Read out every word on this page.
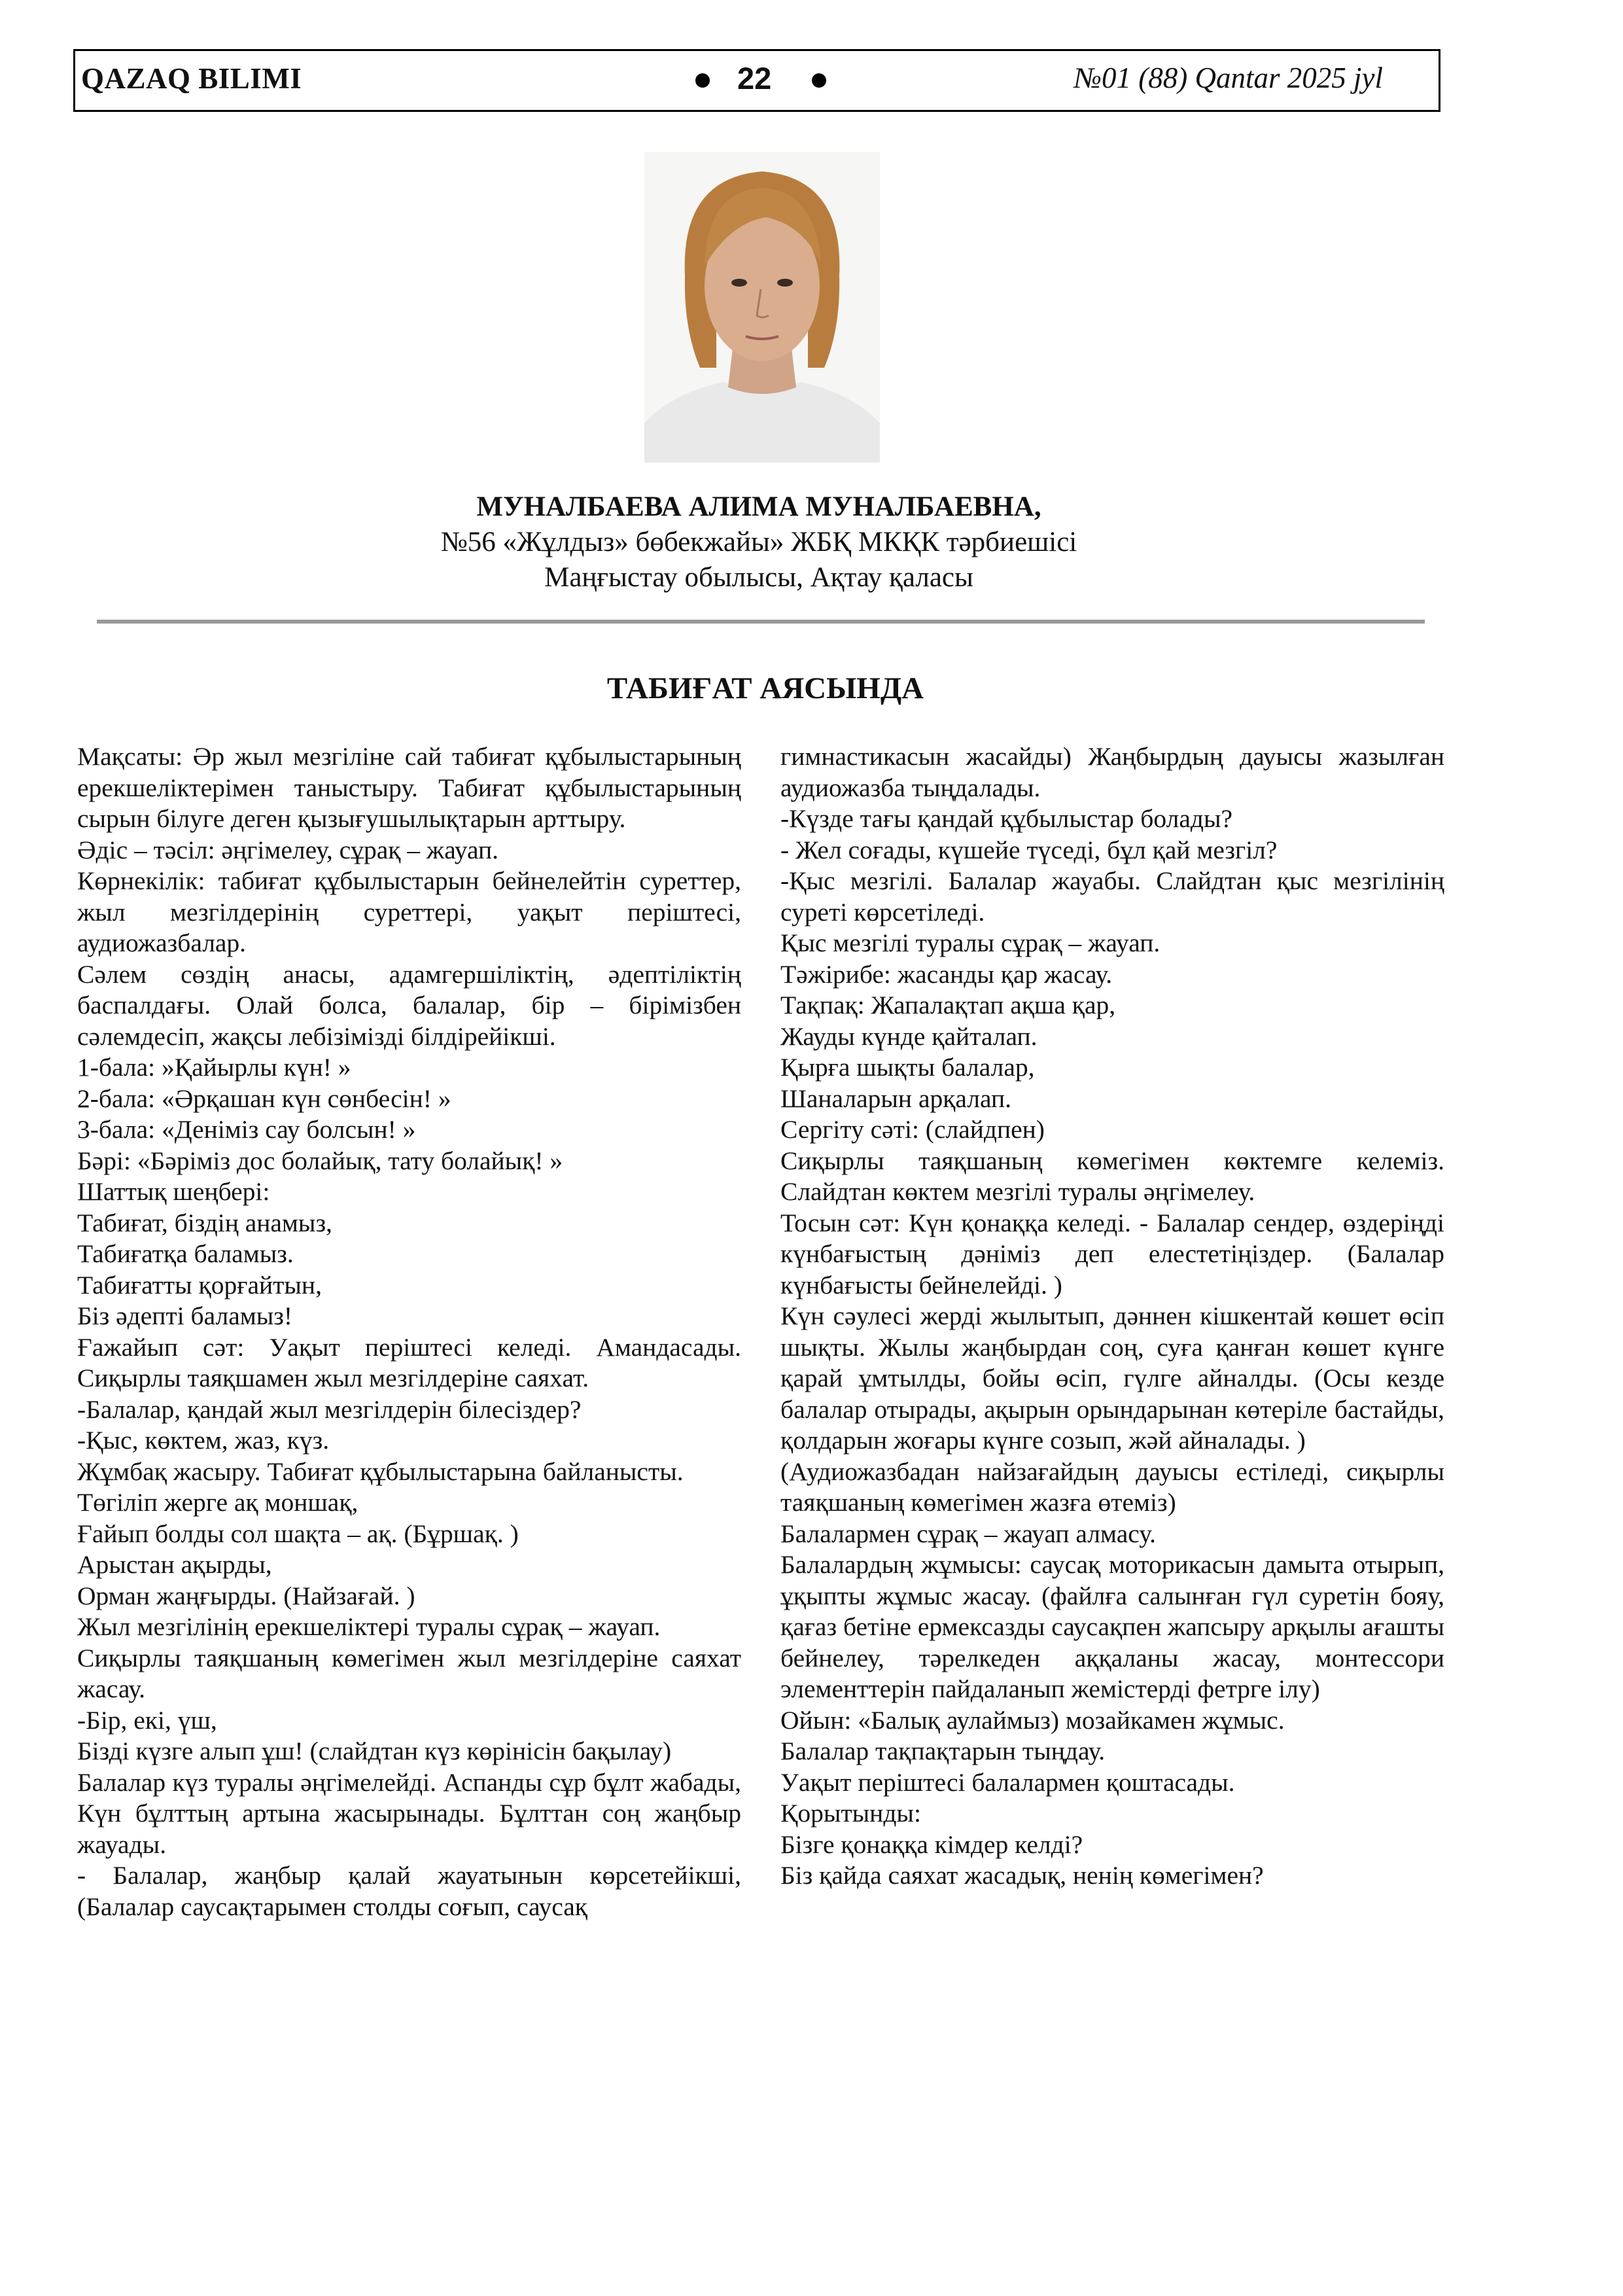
QAZAQ BILIMI	22	№01 (88) Qantar 2025 jyl
МУНАЛБАЕВА АЛИМА МУНАЛБАЕВНА,
№56 «Жұлдыз» бөбекжайы» ЖБҚ МКҚК тәрбиешісі
Маңғыстау обылысы, Ақтау қаласы
ТАБИҒАТ АЯСЫНДА

Мақсаты: Әр жыл мезгіліне сай табиғат құбылыстарының ерекшеліктерімен таныстыру. Табиғат құбылыстарының сырын білуге деген қызығушылықтарын арттыру.

Әдіс – тәсіл: әңгімелеу, сұрақ – жауап.

Көрнекілік: табиғат құбылыстарын бейнелейтін суреттер, жыл мезгілдерінің суреттері, уақыт періштесі, аудиожазбалар.

Сәлем сөздің анасы, адамгершіліктің, әдептіліктің баспалдағы. Олай болса, балалар, бір – бірімізбен сәлемдесіп, жақсы лебізімізді білдірейікші.

1-бала: »Қайырлы күн! »

2-бала: «Әрқашан күн сөнбесін! »

3-бала: «Деніміз сау болсын! »

Бәрі: «Бәріміз дос болайық, тату болайық! »

Шаттық шеңбері:

Табиғат, біздің анамыз,

Табиғатқа баламыз.

Табиғатты қорғайтын,

Біз әдепті баламыз!

Ғажайып сәт: Уақыт періштесі келеді. Амандасады. Сиқырлы таяқшамен жыл мезгілдеріне саяхат.

-Балалар, қандай жыл мезгілдерін білесіздер?

-Қыс, көктем, жаз, күз.

Жұмбақ жасыру. Табиғат құбылыстарына байланысты.

Төгіліп жерге ақ моншақ,

Ғайып болды сол шақта – ақ. (Бұршақ. )

Арыстан ақырды,

Орман жаңғырды. (Найзағай. )

Жыл мезгілінің ерекшеліктері туралы сұрақ – жауап.

Сиқырлы таяқшаның көмегімен жыл мезгілдеріне саяхат жасау.

-Бір, екі, үш,

Бізді күзге алып ұш! (слайдтан күз көрінісін бақылау)

Балалар күз туралы әңгімелейді. Аспанды сұр бұлт жабады, Күн бұлттың артына жасырынады. Бұлттан соң жаңбыр жауады.

- Балалар, жаңбыр қалай жауатынын көрсетейікші, (Балалар саусақтарымен столды соғып, саусақ

гимнастикасын жасайды) Жаңбырдың дауысы жазылған аудиожазба тыңдалады.

-Күзде тағы қандай құбылыстар болады?

- Жел соғады, күшейе түседі, бұл қай мезгіл?

-Қыс мезгілі. Балалар жауабы. Слайдтан қыс мезгілінің суреті көрсетіледі.

Қыс мезгілі туралы сұрақ – жауап.

Тәжірибе: жасанды қар жасау.

Тақпақ: Жапалақтап ақша қар,

Жауды күнде қайталап.

Қырға шықты балалар,

Шаналарын арқалап.

Сергіту сәті: (слайдпен)

Сиқырлы таяқшаның көмегімен көктемге келеміз. Слайдтан көктем мезгілі туралы әңгімелеу.

Тосын сәт: Күн қонаққа келеді. - Балалар сендер, өздеріңді күнбағыстың дәніміз деп елестетіңіздер. (Балалар күнбағысты бейнелейді. )

Күн сәулесі жерді жылытып, дәннен кішкентай көшет өсіп шықты. Жылы жаңбырдан соң, суға қанған көшет күнге қарай ұмтылды, бойы өсіп, гүлге айналды. (Осы кезде балалар отырады, ақырын орындарынан көтеріле бастайды, қолдарын жоғары күнге созып, жәй айналады. )

(Аудиожазбадан найзағайдың дауысы естіледі, сиқырлы таяқшаның көмегімен жазға өтеміз)

Балалармен сұрақ – жауап алмасу.

Балалардың жұмысы: саусақ моторикасын дамыта отырып, ұқыпты жұмыс жасау. (файлға салынған гүл суретін бояу, қағаз бетіне ермексазды саусақпен жапсыру арқылы ағашты бейнелеу, тәрелкеден аққаланы жасау, монтессори элементтерін пайдаланып жемістерді фетрге ілу)

Ойын: «Балық аулаймыз) мозайкамен жұмыс.

Балалар тақпақтарын тыңдау.

Уақыт періштесі балалармен қоштасады.

Қорытынды:

Бізге қонаққа кімдер келді?

Біз қайда саяхат жасадық, ненің көмегімен?
